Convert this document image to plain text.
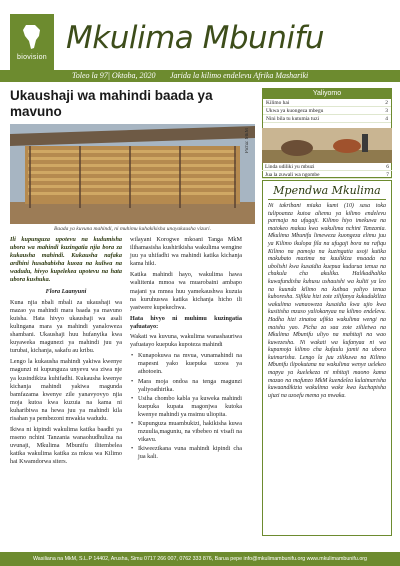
biovision
Mkulima Mbunifu
Toleo la 97| Oktoba, 2020 Jarida la kilimo endelevu Afrika Mashariki
Ukaushaji wa mahindi baada ya mavuno
Picha: MkM
Baada ya kuvuna mahindi, ni muhimu kuhakikisha unayakausha vizuri.
Ili kupunguza upotevu na kudumisha ubora wa mahindi kuzingatia njia bora za kukausha mahindi. Kukausha nafaka ardhini husababisha kuoza na kuliwa na wadudu, hivyo kupelekea upotevu na hata ubora kushuka.
Flora Laanyuni
Kuna njia nbali mbali za ukaushaji wa mazao ya mahindi mara baada ya mavuno kuisha. Hata hivyo ukaushaji wa asali kulingana mara ya mahindi yanaloweza shambani. Ukaushaji huu hufanyika kwa kuyaweka magunezi ya mahindi juu ya turubai, kichanja, sakafu au kribu.
Lengo la kukausha mahindi yakiwa kwenye magunzi ni kupunguza unyevu wa ziwa nje ya kusindikiza kuhifadhi. Kukausha kwenye kichanja mahindi yakiwa magunda bamfazama kwenye zile yanavyovyo njia moja kutoa kwa kuzuia na kama ni kuharibiwa na hewa juu ya mahindi kila risahan ya pembezoni mwakia wadudu.
Ikiwa ni kipindi wakulima katika baadhi ya mseno nchini Tanzania wanaohudhuliza na uvunaji, Mkulima Mbunifu ilitembelea katika wakulima katika za mkoa wa Kilimo hai Kwamdorwa siters.
wilayani Korogwe mkoani Tanga MkM ilihamasisha kushirikisha wakulima wengine juu ya uhifadhi wa mahindi katika kichanja kama hiki.
Katika mahindi hayo, wakulima hawa waliitenia mmoa wa muarobaini ambapo majani ya mmea huu yamekaushwa kuzuia na kuruhuswa katika kichanja hicho ili yastwere kupekechwa.
Hata hivyo ni muhimu kuzingatia yafuatayo:
Wakati wa kuvuna, wakulima wanashauriwa yafuatayo kuepuka kupoteza mahindi
• Kunapokuwa na mvua, vunamahindi na mapesni yako kuepuka uzoea ya athotoein.
• Mara moja ondoa na tenga magunzi yaliyoathirika.
• Usiha chombo kabla ya kuweka mahindi kuepuka kupata magonjwa kutoka kwenye mahindi ya msimu uliopita.
• Kupunguza muambukizi, hakikisha kuwa mzuulia,maguniu, na vibebeo ni visafi na vikavu.
• Ikiweezikana vuna mahindi kipindi cha jua kali.
Yaliyomo
Kilimo hai	2
Ukwa ya kuongeza mbegu	3
Nini bila tu kutumia tuzi	4
Linda udiliki yu mbuzi	6
Jua la zuwali wa ngombe	7
Mpendwa Mkulima
Ni takribani miaka kumi (10) sasa toka tulipoanza kutoa aliemu ya kilimo endelevu parmaja na ufugaji. Kilimo hiyo imekuwa na matokeo makuu kwa wakulima nchini Tanzania. Mkulima Mbunifu limeweza kuongeza elimu juu ya Kilimo ikulopa fila na ufugaji bora na rafiqu Kilimo na pamoja na kuzingatia usoji kutika makubato mazima na kuulikiza msaada na ubolishi kwa kusaidia kuepua kudurua tenua na chakula cha akulika. Halikadhalika kuwafundisha kuhusu ushauishi wa kuliti ya leo na kuunda kilimo na kuibua yaliyo tenua kuboresha. Sifikia hizi zote zilifanya kukudukiliza wakulima wanaoweza kusaidia kwa ujio kwa kusitisha mzaso yaliokanyaa na kilimo endelevu. Hadha hizi zinatoa ufikia wakulima wengi na maishu yao. Picha za saa zote zililetwa na Mkulima Mbunifu uliyo na mahitaji na wao kuwezesha. Ni wakati wa kufanyaa ni wa kupamoja kilimo cha kufaulu jamii na ubora kuimarisha. Lengo la juu zilikuwa na Kilimo Mbunifu ilipokutana na wakulima wenye uelekeo mapya ya kuelekeza ni mhitaji maono kama mazao na mafunzo MkM kuendelea kulaimarisha kuwaandikizia wakulima wake kwa kuchapisha ujuzi na uzoefu mema ya mwaka.
Wasiliana na MkM, S.L.P 14402, Arusha, Simu 0717 266 007, 0762 333 876, Barua pepe info@mkulimambunifu.org www.mkulimambunifu.org
